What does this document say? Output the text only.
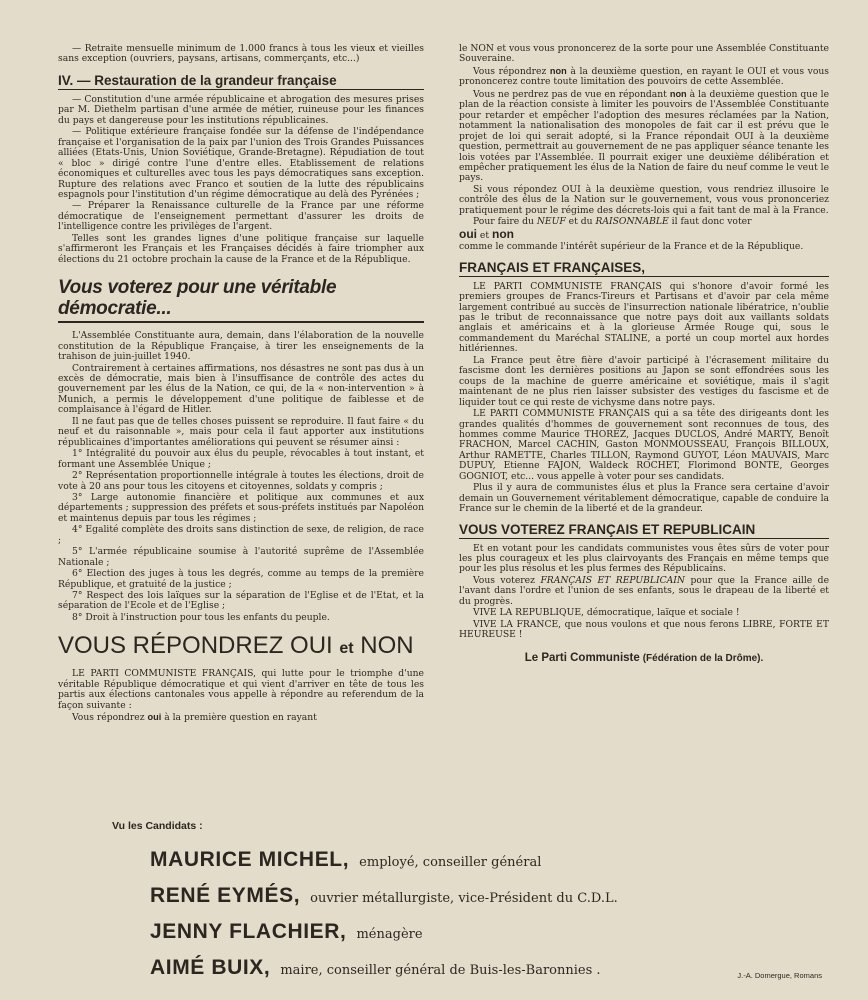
— Retraite mensuelle minimum de 1.000 francs à tous les vieux et vieilles sans exception (ouvriers, paysans, artisans, commerçants, etc...)

IV. — Restauration de la grandeur française

— Constitution d'une armée républicaine et abrogation des mesures prises par M. Diethelm partisan d'une armée de métier, ruineuse pour les finances du pays et dangereuse pour les institutions républicaines.

— Politique extérieure française fondée sur la défense de l'indépendance française et l'organisation de la paix par l'union des Trois Grandes Puissances alliées (Etats-Unis, Union Soviétique, Grande-Bretagne). Répudiation de tout « bloc » dirigé contre l'une d'entre elles. Etablissement de relations économiques et culturelles avec tous les pays démocratiques sans exception. Rupture des relations avec Franco et soutien de la lutte des républicains espagnols pour l'institution d'un régime démocratique au delà des Pyrénées ;

— Préparer la Renaissance culturelle de la France par une réforme démocratique de l'enseignement permettant d'assurer les droits de l'intelligence contre les privilèges de l'argent.

Telles sont les grandes lignes d'une politique française sur laquelle s'affirmeront les Français et les Françaises décidés à faire triompher aux élections du 21 octobre prochain la cause de la France et de la République.

Vous voterez pour une véritable démocratie...

L'Assemblée Constituante aura, demain, dans l'élaboration de la nouvelle constitution de la République Française, à tirer les enseignements de la trahison de juin-juillet 1940.

Contrairement à certaines affirmations, nos désastres ne sont pas dus à un excès de démocratie, mais bien à l'insuffisance de contrôle des actes du gouvernement par les élus de la Nation, ce qui, de la « non-intervention » à Munich, a permis le développement d'une politique de faiblesse et de complaisance à l'égard de Hitler.

Il ne faut pas que de telles choses puissent se reproduire. Il faut faire « du neuf et du raisonnable », mais pour cela il faut apporter aux institutions républicaines d'importantes améliorations qui peuvent se résumer ainsi :

1° Intégralité du pouvoir aux élus du peuple, révocables à tout instant, et formant une Assemblée Unique ;

2° Représentation proportionnelle intégrale à toutes les élections, droit de vote à 20 ans pour tous les citoyens et citoyennes, soldats y compris ;

3° Large autonomie financière et politique aux communes et aux départements ; suppression des préfets et sous-préfets institués par Napoléon et maintenus depuis par tous les régimes ;

4° Egalité complète des droits sans distinction de sexe, de religion, de race ;

5° L'armée républicaine soumise à l'autorité suprême de l'Assemblée Nationale ;

6° Election des juges à tous les degrés, comme au temps de la première République, et gratuité de la justice ;

7° Respect des lois laïques sur la séparation de l'Eglise et de l'Etat, et la séparation de l'Ecole et de l'Eglise ;

8° Droit à l'instruction pour tous les enfants du peuple.

VOUS RÉPONDREZ OUI et NON

LE PARTI COMMUNISTE FRANÇAIS, qui lutte pour le triomphe d'une véritable République démocratique et qui vient d'arriver en tête de tous les partis aux élections cantonales vous appelle à répondre au referendum de la façon suivante :

Vous répondrez oui à la première question en rayant

le NON et vous vous prononcerez de la sorte pour une Assemblée Constituante Souveraine.

Vous répondrez non à la deuxième question, en rayant le OUI et vous vous prononcerez contre toute limitation des pouvoirs de cette Assemblée.

Vous ne perdrez pas de vue en répondant non à la deuxième question que le plan de la réaction consiste à limiter les pouvoirs de l'Assemblée Constituante pour retarder et empêcher l'adoption des mesures réclamées par la Nation, notamment la nationalisation des monopoles de fait car il est prévu que le projet de loi qui serait adopté, si la France répondait OUI à la deuxième question, permettrait au gouvernement de ne pas appliquer séance tenante les lois votées par l'Assemblée. Il pourrait exiger une deuxième délibération et empêcher pratiquement les élus de la Nation de faire du neuf comme le veut le pays.

Si vous répondez OUI à la deuxième question, vous rendriez illusoire le contrôle des élus de la Nation sur le gouvernement, vous vous prononceriez pratiquement pour le régime des décrets-lois qui a fait tant de mal à la France.

Pour faire du NEUF et du RAISONNABLE il faut donc voter

oui et non

comme le commande l'intérêt supérieur de la France et de la République.

FRANÇAIS ET FRANÇAISES,

LE PARTI COMMUNISTE FRANÇAIS qui s'honore d'avoir formé les premiers groupes de Francs-Tireurs et Partisans et d'avoir par cela même largement contribué au succès de l'insurrection nationale libératrice, n'oublie pas le tribut de reconnaissance que notre pays doit aux vaillants soldats anglais et américains et à la glorieuse Armée Rouge qui, sous le commandement du Maréchal STALINE, a porté un coup mortel aux hordes hitlériennes.

La France peut être fière d'avoir participé à l'écrasement militaire du fascisme dont les dernières positions au Japon se sont effondrées sous les coups de la machine de guerre américaine et soviétique, mais il s'agit maintenant de ne plus rien laisser subsister des vestiges du fascisme et de liquider tout ce qui reste de vichysme dans notre pays.

LE PARTI COMMUNISTE FRANÇAIS qui a sa tête des dirigeants dont les grandes qualités d'hommes de gouvernement sont reconnues de tous, des hommes comme Maurice THOREZ, Jacques DUCLOS, André MARTY, Benoît FRACHON, Marcel CACHIN, Gaston MONMOUSSEAU, François BILLOUX, Arthur RAMETTE, Charles TILLON, Raymond GUYOT, Léon MAUVAIS, Marc DUPUY, Etienne FAJON, Waldeck ROCHET, Florimond BONTE, Georges GOGNIOT, etc... vous appelle à voter pour ses candidats.

Plus il y aura de communistes élus et plus la France sera certaine d'avoir demain un Gouvernement véritablement démocratique, capable de conduire la France sur le chemin de la liberté et de la grandeur.

VOUS VOTEREZ FRANÇAIS ET REPUBLICAIN

Et en votant pour les candidats communistes vous êtes sûrs de voter pour les plus courageux et les plus clairvoyants des Français en même temps que pour les plus résolus et les plus fermes des Républicains.

Vous voterez FRANÇAIS ET REPUBLICAIN pour que la France aille de l'avant dans l'ordre et l'union de ses enfants, sous le drapeau de la liberté et du progrès.

VIVE LA REPUBLIQUE, démocratique, laïque et sociale !

VIVE LA FRANCE, que nous voulons et que nous ferons LIBRE, FORTE ET HEUREUSE !

Le Parti Communiste (Fédération de la Drôme).
Vu les Candidats :
MAURICE MICHEL, employé, conseiller général
RENÉ EYMÉS, ouvrier métallurgiste, vice-Président du C.D.L.
JENNY FLACHIER, ménagère
AIMÉ BUIX, maire, conseiller général de Buis-les-Baronnies .	J.-A. Domergue, Romans
